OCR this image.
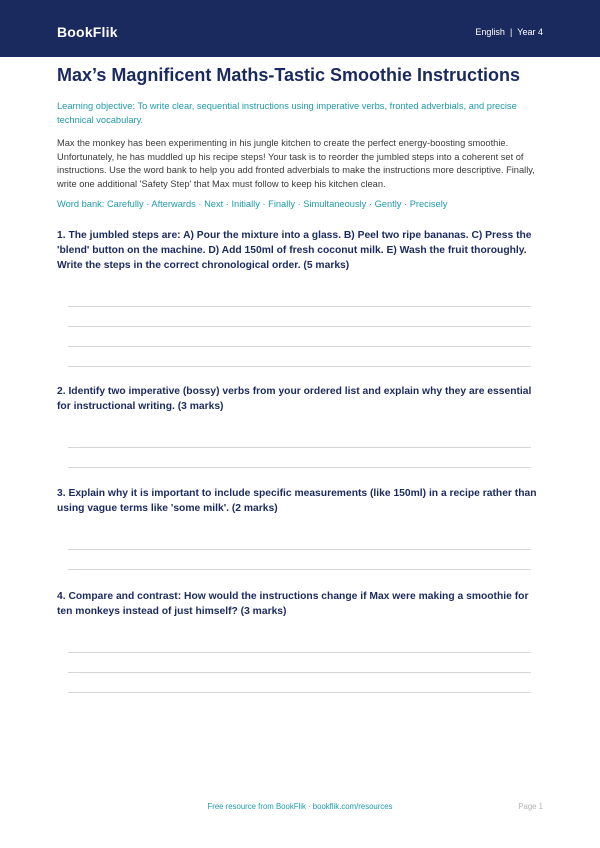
BookFlik	English | Year 4
Max’s Magnificent Maths-Tastic Smoothie Instructions
Learning objective: To write clear, sequential instructions using imperative verbs, fronted adverbials, and precise technical vocabulary.
Max the monkey has been experimenting in his jungle kitchen to create the perfect energy-boosting smoothie. Unfortunately, he has muddled up his recipe steps! Your task is to reorder the jumbled steps into a coherent set of instructions. Use the word bank to help you add fronted adverbials to make the instructions more descriptive. Finally, write one additional 'Safety Step' that Max must follow to keep his kitchen clean.
Word bank: Carefully · Afterwards · Next · Initially · Finally · Simultaneously · Gently · Precisely
1. The jumbled steps are: A) Pour the mixture into a glass. B) Peel two ripe bananas. C) Press the 'blend' button on the machine. D) Add 150ml of fresh coconut milk. E) Wash the fruit thoroughly. Write the steps in the correct chronological order. (5 marks)
2. Identify two imperative (bossy) verbs from your ordered list and explain why they are essential for instructional writing. (3 marks)
3. Explain why it is important to include specific measurements (like 150ml) in a recipe rather than using vague terms like 'some milk'. (2 marks)
4. Compare and contrast: How would the instructions change if Max were making a smoothie for ten monkeys instead of just himself? (3 marks)
Free resource from BookFlik · bookflik.com/resources	Page 1
